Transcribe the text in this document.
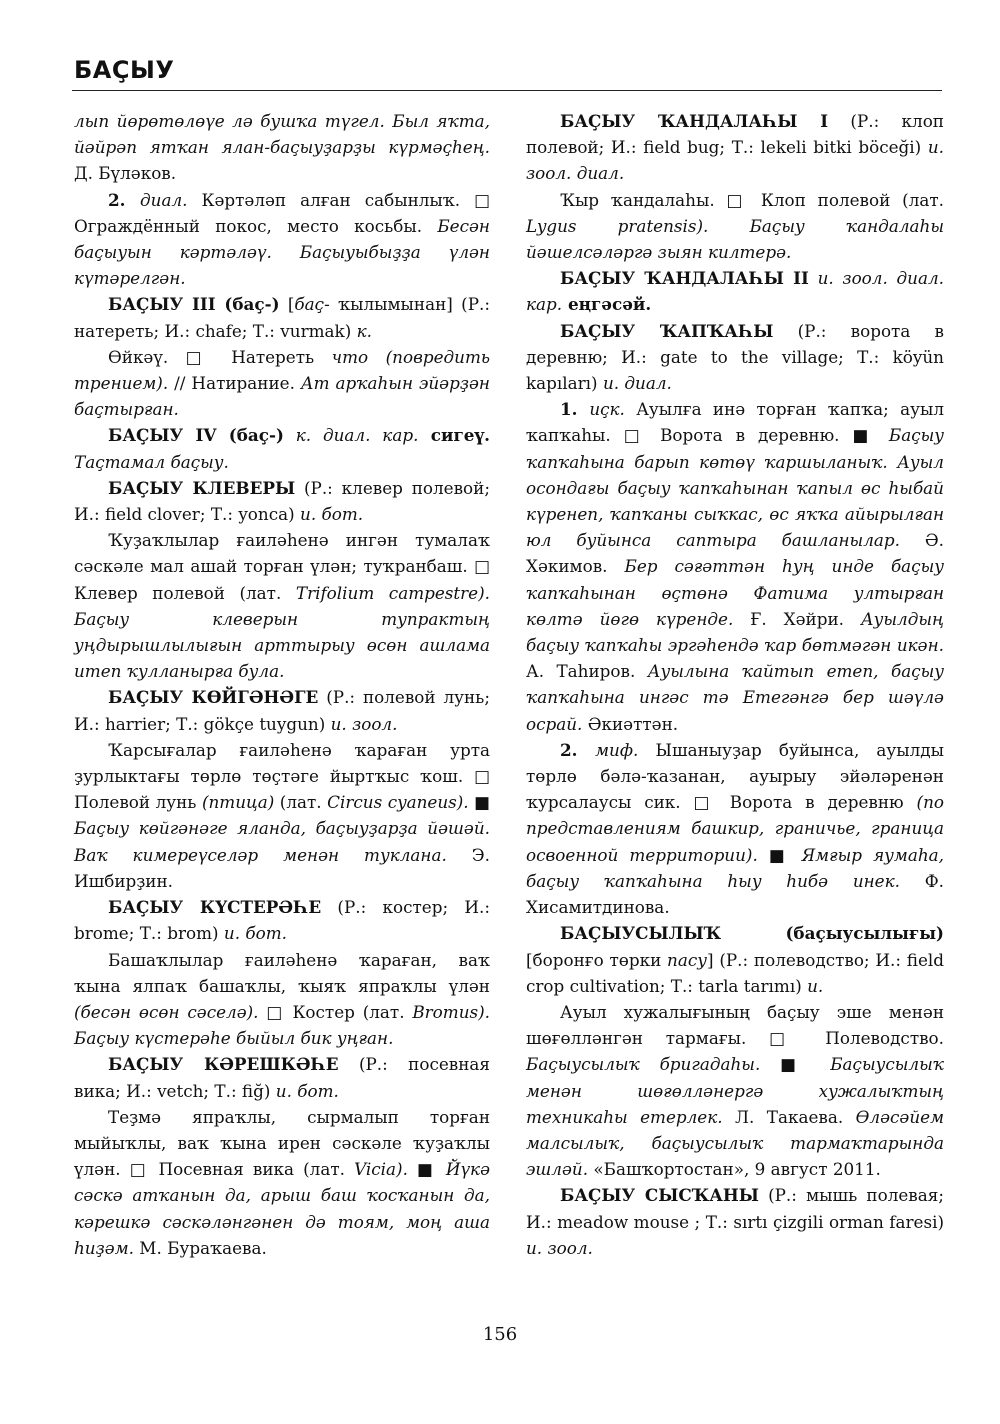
БАҪЫУ

лып йөрөтөлөүе лә бушҡа түгел. Был яҡта, йәйрәп ятҡан ялан-баҫыуҙарҙы күрмәҫһең. Д. Бүләков.

2. диал. Кәртәләп алған сабынлыҡ. □ Ограждённый покос, место косьбы. Бесән баҫыуын кәртәләү. Баҫыуыбыҙҙа үлән күтәрелгән.

БАҪЫУ III (баҫ-) [баҫ- ҡылымынан] (Р.: натереть; И.: chafe; Т.: vurmak) к.

Өйкәү. □ Натереть что (повредить трением). // Натирание. Ат арҡаһын эйәрҙән баҫтырған.

БАҪЫУ IV (баҫ-) к. диал. кар. сигеү. Таҫтамал баҫыу.

БАҪЫУ КЛЕВЕРЫ (Р.: клевер полевой; И.: field clover; Т.: yonca) и. бот.

Ҡуҙаҡлылар ғаиләһенә ингән тумалаҡ сәскәле мал ашай торған үлән; туҡранбаш. □ Клевер полевой (лат. Trifolium campestre). Баҫыу клеверын тупрактың уңдырышлылығын арттырыу өсөн ашлама итеп ҡулланырға була.

БАҪЫУ КӨЙГӘНӘГЕ (Р.: полевой лунь; И.: harrier; Т.: gökçe tuygun) и. зоол.

Ҡарсығалар ғаиләһенә ҡараған урта ҙурлыктағы төрлө төҫтәге йыртҡыс ҡош. □ Полевой лунь (птица) (лат. Circus cyaneus). ■ Баҫыу көйгәнәге яланда, баҫыуҙарҙа йәшәй. Ваҡ кимереүселәр менән туклана. Э. Ишбирҙин.

БАҪЫУ КҮСТЕРӘҺЕ (Р.: костер; И.: brome; Т.: brom) и. бот.

Башаҡлылар ғаиләһенә ҡараған, ваҡ ҡына ялпаҡ башаҡлы, ҡыяҡ япраҡлы үлән (бесән өсөн сәселә). □ Костер (лат. Bromus). Баҫыу күстерәһе быйыл бик уңған.

БАҪЫУ КӘРЕШКӘҺЕ (Р.: посевная вика; И.: vetch; Т.: fiğ) и. бот.

Теҙмә япраҡлы, сырмалып торған мыйыҡлы, ваҡ ҡына ирен сәскәле ҡуҙаҡлы үлән. □ Посевная вика (лат. Vicia). ■ Йүкә сәскә атҡанын да, арыш баш ҡосҡанын да, кәрешкә сәскәләнгәнен дә тоям, моң аша һиҙәм. М. Бураҡаева.

БАҪЫУ ҠАНДАЛАҺЫ I (Р.: клоп полевой; И.: field bug; Т.: lekeli bitki böceği) и. зоол. диал.

Ҡыр ҡандалаһы. □ Клоп полевой (лат. Lygus pratensis). Баҫыу ҡандалаһы йәшелсәләргә зыян килтерә.

БАҪЫУ ҠАНДАЛАҺЫ II и. зоол. диал. кар. еңгәсәй.

БАҪЫУ ҠАПҠАҺЫ (Р.: ворота в деревню; И.: gate to the village; Т.: köyün kapıları) и. диал.

1. иҫк. Ауылға инә торған ҡапҡа; ауыл ҡапҡаһы. □ Ворота в деревню. ■ Баҫыу ҡапҡаһына барып көтөү ҡаршыланыҡ. Ауыл осондағы баҫыу ҡапҡаһынан ҡапыл өс һыбай күренеп, ҡапҡаны сыҡкас, өс яҡҡа айырылған юл буйынса саптыра башланылар. Ә. Хәкимов. Бер сәғәттән һуң инде баҫыу ҡапҡаһынан өҫтөнә Фатима ултырған көлтә йөгө күренде. Ғ. Хәйри. Ауылдың баҫыу ҡапҡаһы эргәһендә ҡар бөтмәгән икән. А. Таһиров. Ауылына ҡайтып етеп, баҫыу ҡапҡаһына ингәс тә Етегәнгә бер шәүлә осрай. Әкиәттән.

2. миф. Ышаныуҙар буйынса, ауылды төрлө бәлә-ҡазанан, ауырыу эйәләренән ҡурсалаусы сик. □ Ворота в деревню (по представлениям башкир, граничье, граница освоенной территории). ■ Ямғыр яумаһа, баҫыу ҡапҡаһына һыу һибә инек. Ф. Хисамитдинова.

БАҪЫУСЫЛЫҠ (баҫыусылығы) [боронғо төрки пасу] (Р.: полеводство; И.: field crop cultivation; Т.: tarla tarımı) и.

Ауыл хужалығының баҫыу эше менән шөғөлләнгән тармағы. □ Полеводство. Баҫыусылыҡ бригадаһы. ■ Баҫыусылыҡ менән шөғөлләнергә хужалыҡтың техникаһы етерлек. Л. Такаева. Өләсәйем малсылыҡ, баҫыусылыҡ тармаҡтарында эшләй. «Башҡортостан», 9 август 2011.

БАҪЫУ СЫСҠАНЫ (Р.: мышь полевая; И.: meadow mouse ; Т.: sırtı çizgili orman faresi) и. зоол.

156
